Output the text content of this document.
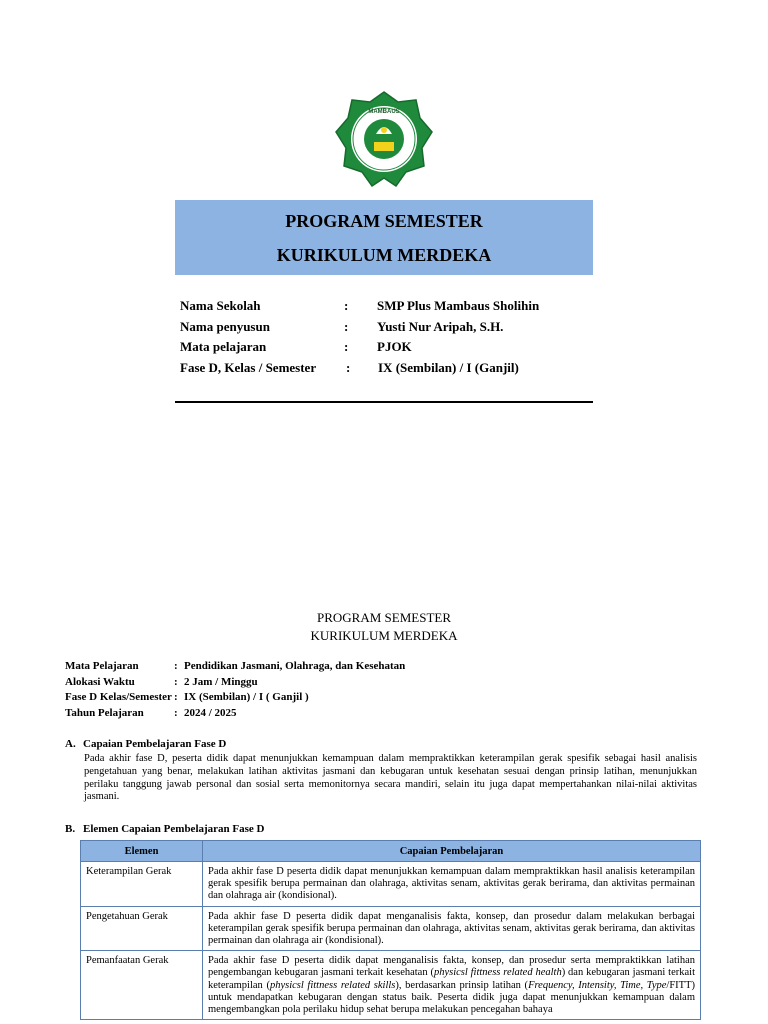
MAMBAUS
PROGRAM SEMESTER
KURIKULUM MERDEKA
Nama Sekolah	: SMP Plus Mambaus Sholihin
Nama penyusun	: Yusti Nur Aripah, S.H.
Mata pelajaran	: PJOK
Fase D, Kelas / Semester : IX (Sembilan) / I (Ganjil)
PROGRAM SEMESTER
KURIKULUM MERDEKA
Mata Pelajaran	: Pendidikan Jasmani, Olahraga, dan Kesehatan
Alokasi Waktu	: 2 Jam / Minggu
Fase D Kelas/Semester : IX (Sembilan) / I ( Ganjil )
Tahun Pelajaran	: 2024 / 2025
A. Capaian Pembelajaran Fase D
Pada akhir fase D, peserta didik dapat menunjukkan kemampuan dalam mempraktikkan keterampilan gerak spesifik sebagai hasil analisis pengetahuan yang benar, melakukan latihan aktivitas jasmani dan kebugaran untuk kesehatan sesuai dengan prinsip latihan, menunjukkan perilaku tanggung jawab personal dan sosial serta memonitornya secara mandiri, selain itu juga dapat mempertahankan nilai-nilai aktivitas jasmani.
B. Elemen Capaian Pembelajaran Fase D
Elemen	Capaian Pembelajaran
Keterampilan Gerak	Pada akhir fase D peserta didik dapat menunjukkan kemampuan dalam mempraktikkan hasil analisis keterampilan gerak spesifik berupa permainan dan olahraga, aktivitas senam, aktivitas gerak berirama, dan aktivitas permainan dan olahraga air (kondisional).
Pengetahuan Gerak	Pada akhir fase D peserta didik dapat menganalisis fakta, konsep, dan prosedur dalam melakukan berbagai keterampilan gerak spesifik berupa permainan dan olahraga, aktivitas senam, aktivitas gerak berirama, dan aktivitas permainan dan olahraga air (kondisional).
Pemanfaatan Gerak	Pada akhir fase D peserta didik dapat menganalisis fakta, konsep, dan prosedur serta mempraktikkan latihan pengembangan kebugaran jasmani terkait kesehatan (physicsl fittness related health) dan kebugaran jasmani terkait keterampilan (physicsl fittness related skills), berdasarkan prinsip latihan (Frequency, Intensity, Time, Type/FITT) untuk mendapatkan kebugaran dengan status baik. Peserta didik juga dapat menunjukkan kemampuan dalam mengembangkan pola perilaku hidup sehat berupa melakukan pencegahan bahaya
